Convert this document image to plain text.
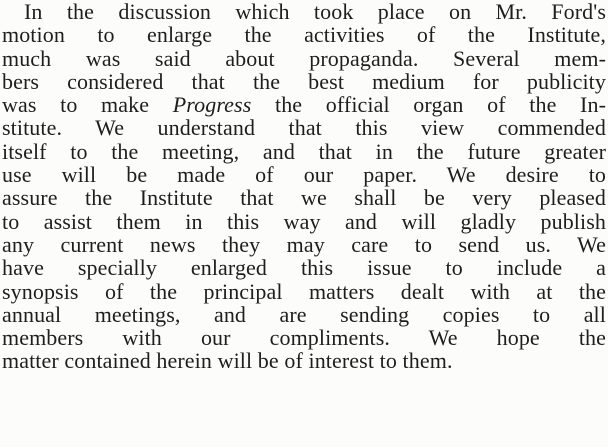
In the discussion which took place on Mr. Ford's
motion to enlarge the activities of the Institute,
much was said about propaganda. Several mem-
bers considered that the best medium for publicity
was to make Progress the official organ of the In-
stitute. We understand that this view commended
itself to the meeting, and that in the future greater
use will be made of our paper. We desire to
assure the Institute that we shall be very pleased
to assist them in this way and will gladly publish
any current news they may care to send us. We
have specially enlarged this issue to include a
synopsis of the principal matters dealt with at the
annual meetings, and are sending copies to all
members with our compliments. We hope the
matter contained herein will be of interest to them.
